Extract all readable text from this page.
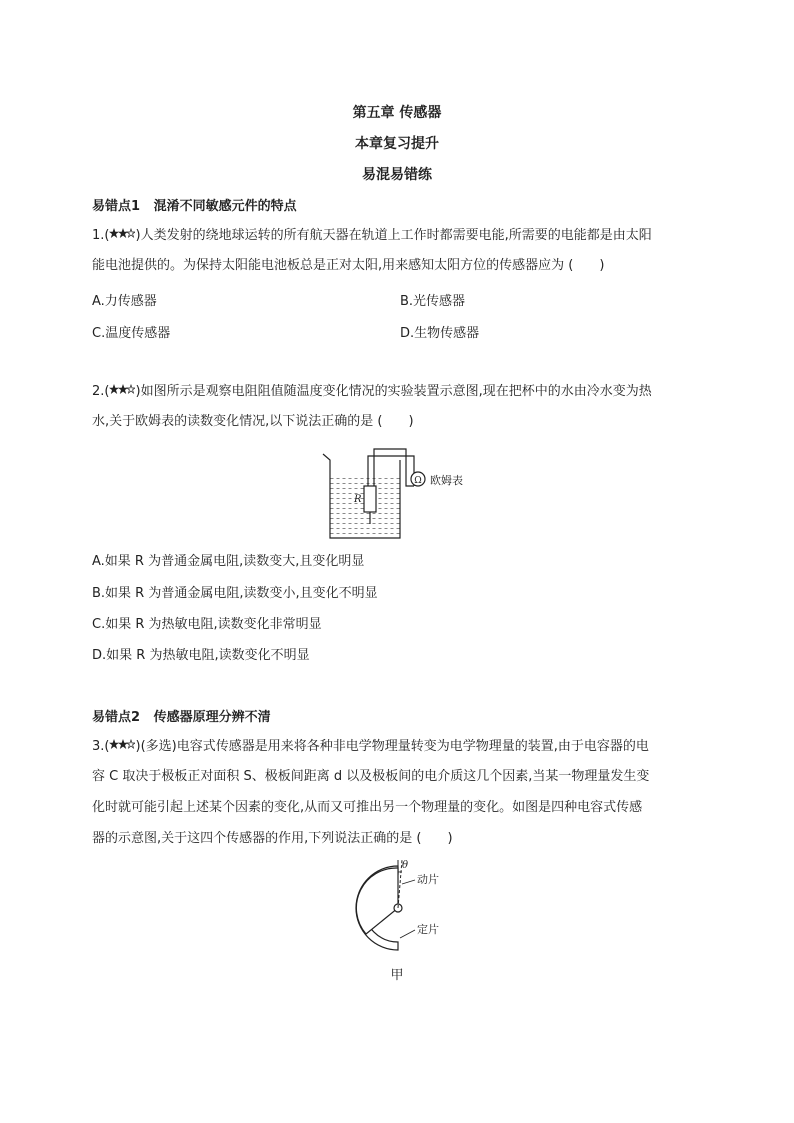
第五章 传感器
本章复习提升
易混易错练
易错点1 混淆不同敏感元件的特点
1.( )人类发射的绕地球运转的所有航天器在轨道上工作时都需要电能,所需要的电能都是由太阳
能电池提供的。为保持太阳能电池板总是正对太阳,用来感知太阳方位的传感器应为 (　　)
A.力传感器	B.光传感器
C.温度传感器	D.生物传感器
2.( )如图所示是观察电阻阻值随温度变化情况的实验装置示意图,现在把杯中的水由冷水变为热
水,关于欧姆表的读数变化情况,以下说法正确的是 (　　)
R
Ω 欧姆表
A.如果 R 为普通金属电阻,读数变大,且变化明显
B.如果 R 为普通金属电阻,读数变小,且变化不明显
C.如果 R 为热敏电阻,读数变化非常明显
D.如果 R 为热敏电阻,读数变化不明显
易错点2 传感器原理分辨不清
3.( )(多选)电容式传感器是用来将各种非电学物理量转变为电学物理量的装置,由于电容器的电
容 C 取决于极板正对面积 S、极板间距离 d 以及极板间的电介质这几个因素,当某一物理量发生变
化时就可能引起上述某个因素的变化,从而又可推出另一个物理量的变化。如图是四种电容式传感
器的示意图,关于这四个传感器的作用,下列说法正确的是 (　　)
θ
动片
定片
甲
